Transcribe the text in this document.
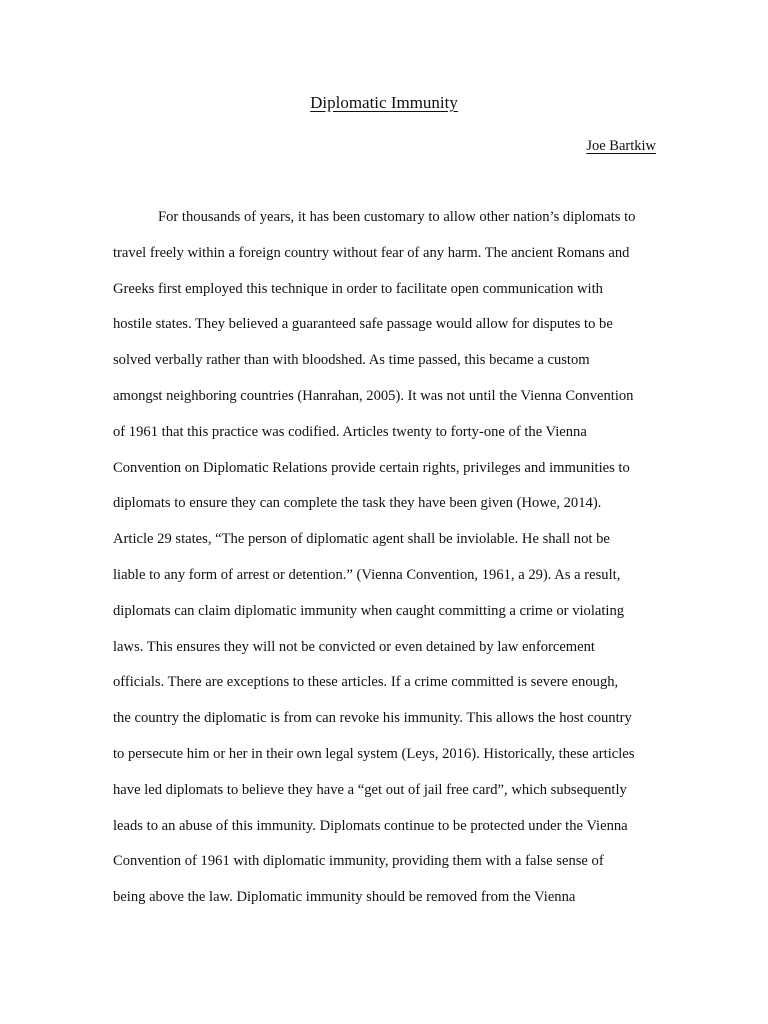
Diplomatic Immunity
Joe Bartkiw
For thousands of years, it has been customary to allow other nation’s diplomats to
travel freely within a foreign country without fear of any harm. The ancient Romans and
Greeks first employed this technique in order to facilitate open communication with
hostile states. They believed a guaranteed safe passage would allow for disputes to be
solved verbally rather than with bloodshed. As time passed, this became a custom
amongst neighboring countries (Hanrahan, 2005). It was not until the Vienna Convention
of 1961 that this practice was codified. Articles twenty to forty-one of the Vienna
Convention on Diplomatic Relations provide certain rights, privileges and immunities to
diplomats to ensure they can complete the task they have been given (Howe, 2014).
Article 29 states, “The person of diplomatic agent shall be inviolable. He shall not be
liable to any form of arrest or detention.” (Vienna Convention, 1961, a 29). As a result,
diplomats can claim diplomatic immunity when caught committing a crime or violating
laws. This ensures they will not be convicted or even detained by law enforcement
officials. There are exceptions to these articles. If a crime committed is severe enough,
the country the diplomatic is from can revoke his immunity. This allows the host country
to persecute him or her in their own legal system (Leys, 2016). Historically, these articles
have led diplomats to believe they have a “get out of jail free card”, which subsequently
leads to an abuse of this immunity. Diplomats continue to be protected under the Vienna
Convention of 1961 with diplomatic immunity, providing them with a false sense of
being above the law. Diplomatic immunity should be removed from the Vienna
